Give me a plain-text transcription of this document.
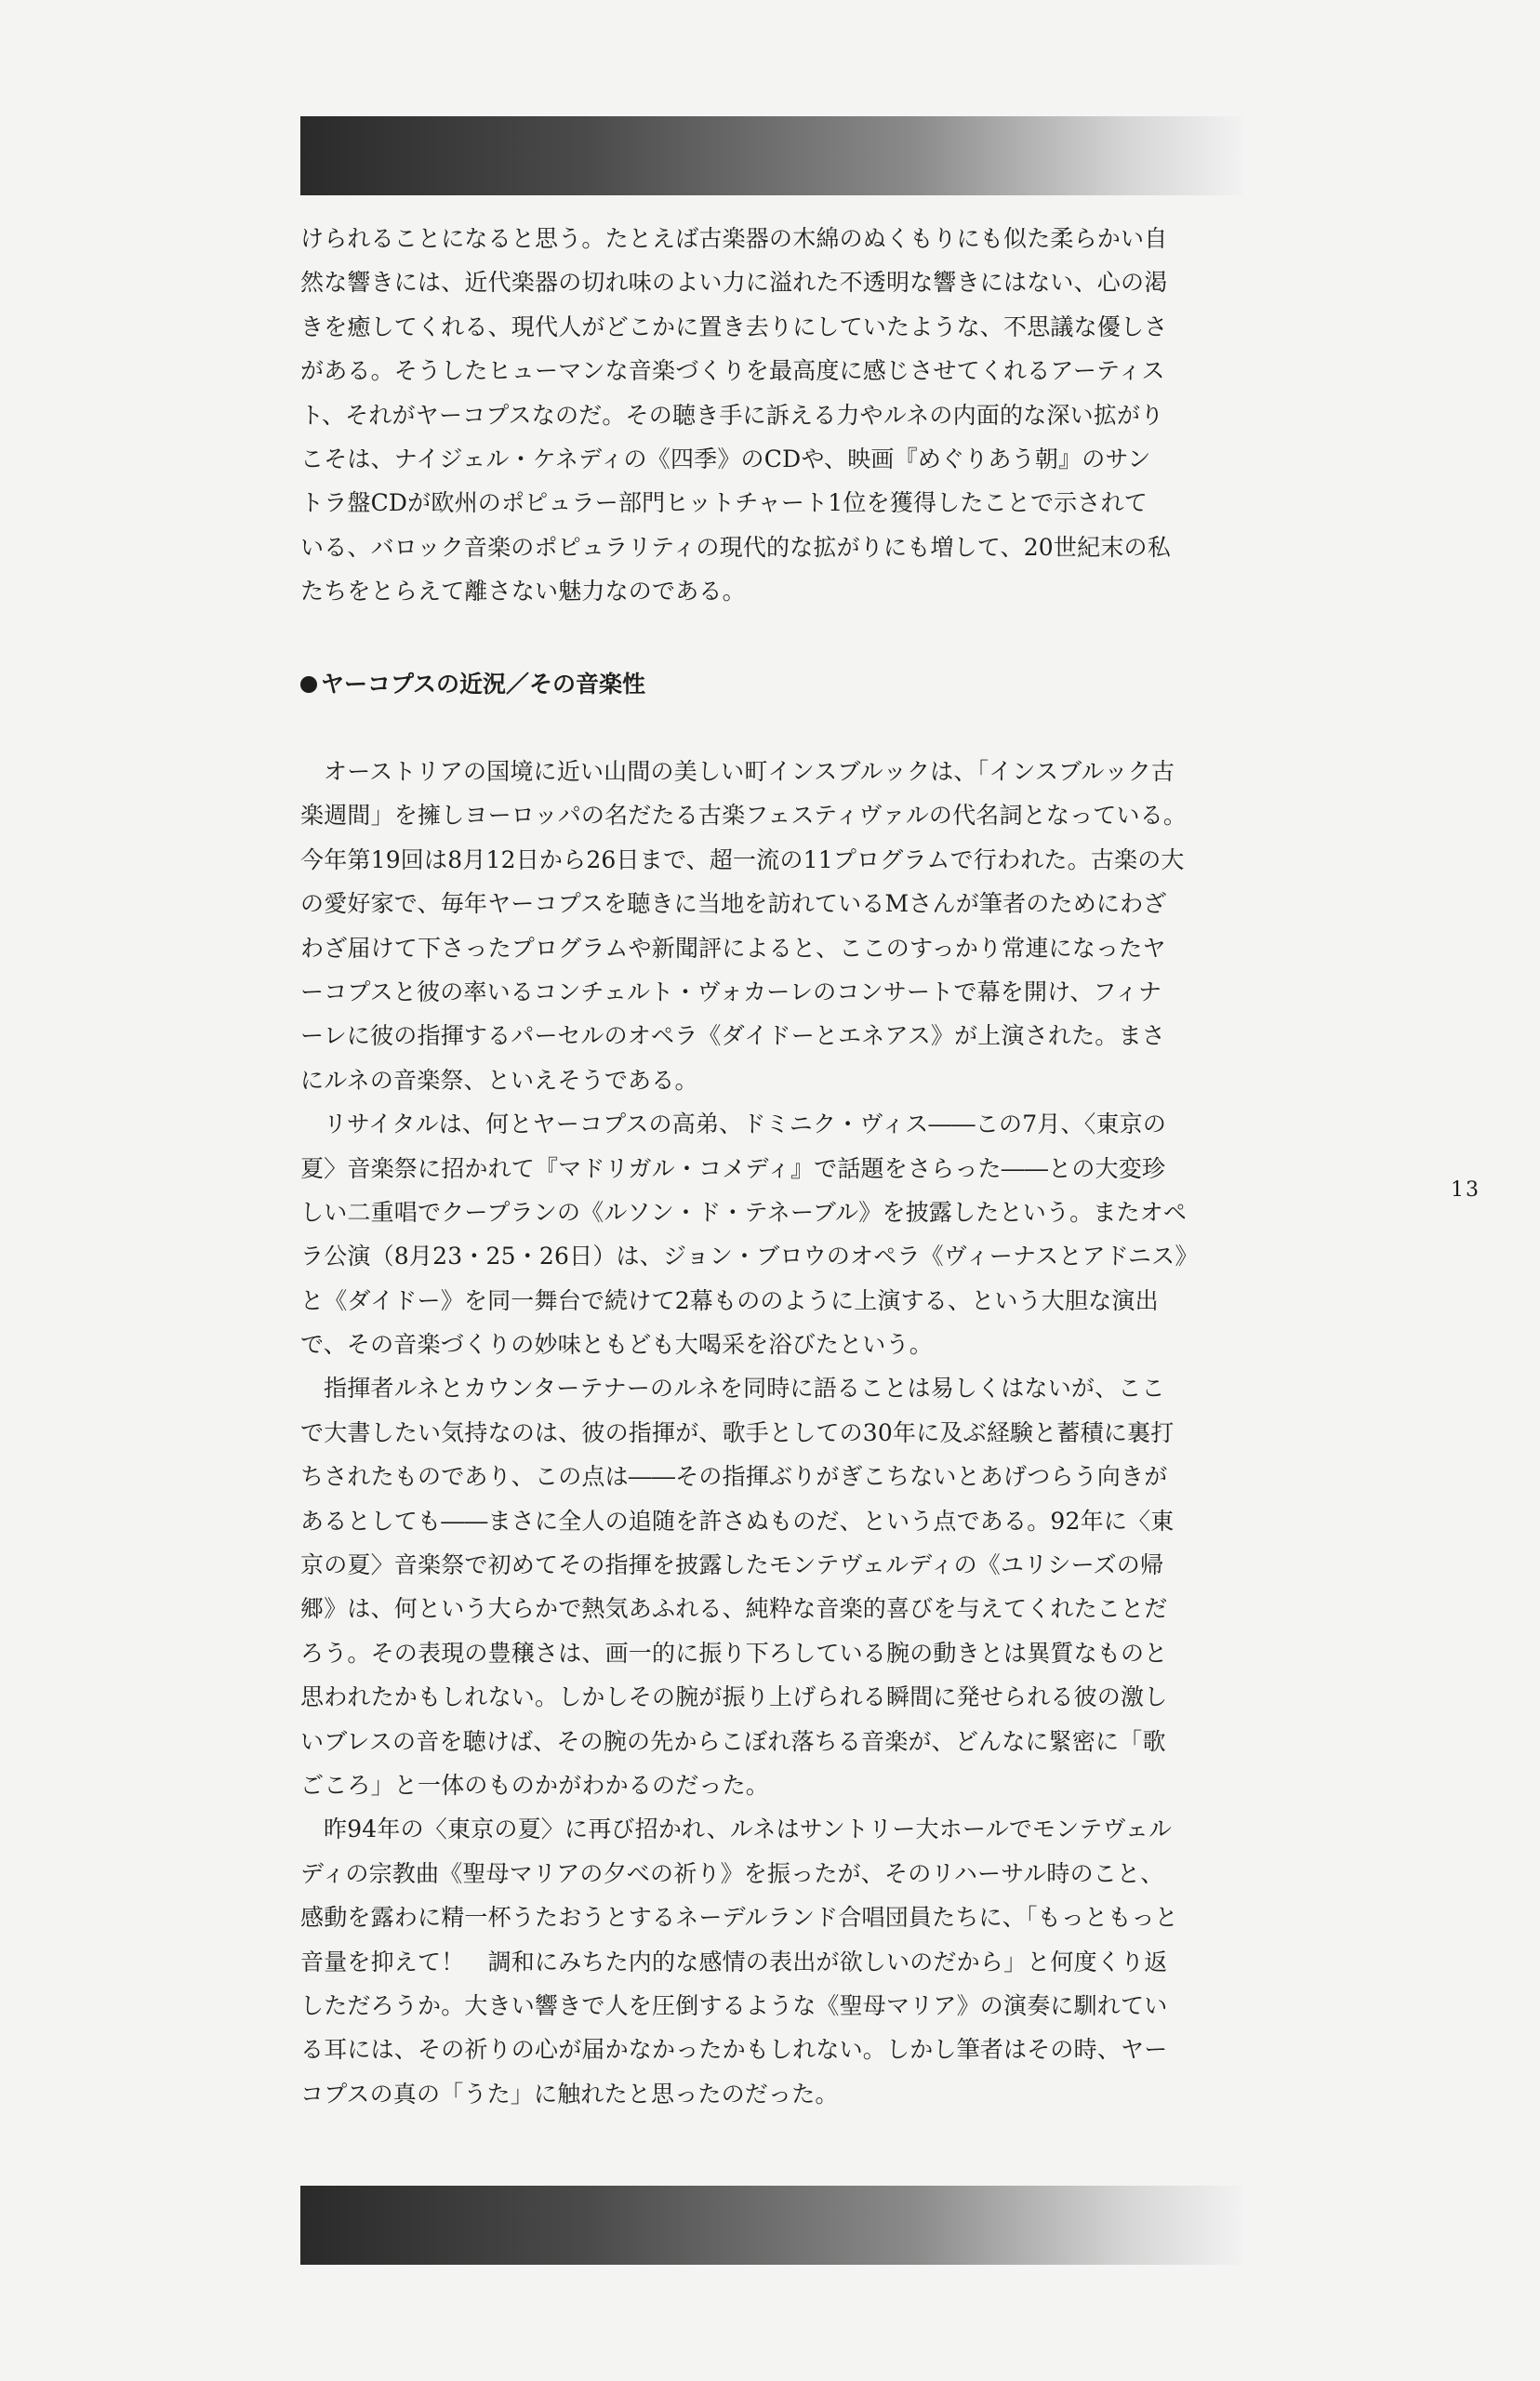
けられることになると思う。たとえば古楽器の木綿のぬくもりにも似た柔らかい自
然な響きには、近代楽器の切れ味のよい力に溢れた不透明な響きにはない、心の渇
きを癒してくれる、現代人がどこかに置き去りにしていたような、不思議な優しさ
がある。そうしたヒューマンな音楽づくりを最高度に感じさせてくれるアーティス
ト、それがヤーコプスなのだ。その聴き手に訴える力やルネの内面的な深い拡がり
こそは、ナイジェル・ケネディの《四季》のCDや、映画『めぐりあう朝』のサン
トラ盤CDが欧州のポピュラー部門ヒットチャート1位を獲得したことで示されて
いる、バロック音楽のポピュラリティの現代的な拡がりにも増して、20世紀末の私
たちをとらえて離さない魅力なのである。
ヤーコプスの近況／その音楽性
オーストリアの国境に近い山間の美しい町インスブルックは、「インスブルック古
楽週間」を擁しヨーロッパの名だたる古楽フェスティヴァルの代名詞となっている。
今年第19回は8月12日から26日まで、超一流の11プログラムで行われた。古楽の大
の愛好家で、毎年ヤーコプスを聴きに当地を訪れているMさんが筆者のためにわざ
わざ届けて下さったプログラムや新聞評によると、ここのすっかり常連になったヤ
ーコプスと彼の率いるコンチェルト・ヴォカーレのコンサートで幕を開け、フィナ
ーレに彼の指揮するパーセルのオペラ《ダイドーとエネアス》が上演された。まさ
にルネの音楽祭、といえそうである。
リサイタルは、何とヤーコプスの高弟、ドミニク・ヴィス――この7月、〈東京の
夏〉音楽祭に招かれて『マドリガル・コメディ』で話題をさらった――との大変珍
しい二重唱でクープランの《ルソン・ド・テネーブル》を披露したという。またオペ
ラ公演（8月23・25・26日）は、ジョン・ブロウのオペラ《ヴィーナスとアドニス》
と《ダイドー》を同一舞台で続けて2幕もののように上演する、という大胆な演出
で、その音楽づくりの妙味ともども大喝采を浴びたという。
指揮者ルネとカウンターテナーのルネを同時に語ることは易しくはないが、ここ
で大書したい気持なのは、彼の指揮が、歌手としての30年に及ぶ経験と蓄積に裏打
ちされたものであり、この点は――その指揮ぶりがぎこちないとあげつらう向きが
あるとしても――まさに全人の追随を許さぬものだ、という点である。92年に〈東
京の夏〉音楽祭で初めてその指揮を披露したモンテヴェルディの《ユリシーズの帰
郷》は、何という大らかで熱気あふれる、純粋な音楽的喜びを与えてくれたことだ
ろう。その表現の豊穣さは、画一的に振り下ろしている腕の動きとは異質なものと
思われたかもしれない。しかしその腕が振り上げられる瞬間に発せられる彼の激し
いブレスの音を聴けば、その腕の先からこぼれ落ちる音楽が、どんなに緊密に「歌
ごころ」と一体のものかがわかるのだった。
昨94年の〈東京の夏〉に再び招かれ、ルネはサントリー大ホールでモンテヴェル
ディの宗教曲《聖母マリアの夕べの祈り》を振ったが、そのリハーサル時のこと、
感動を露わに精一杯うたおうとするネーデルランド合唱団員たちに、「もっともっと
音量を抑えて！　調和にみちた内的な感情の表出が欲しいのだから」と何度くり返
しただろうか。大きい響きで人を圧倒するような《聖母マリア》の演奏に馴れてい
る耳には、その祈りの心が届かなかったかもしれない。しかし筆者はその時、ヤー
コプスの真の「うた」に触れたと思ったのだった。
13
